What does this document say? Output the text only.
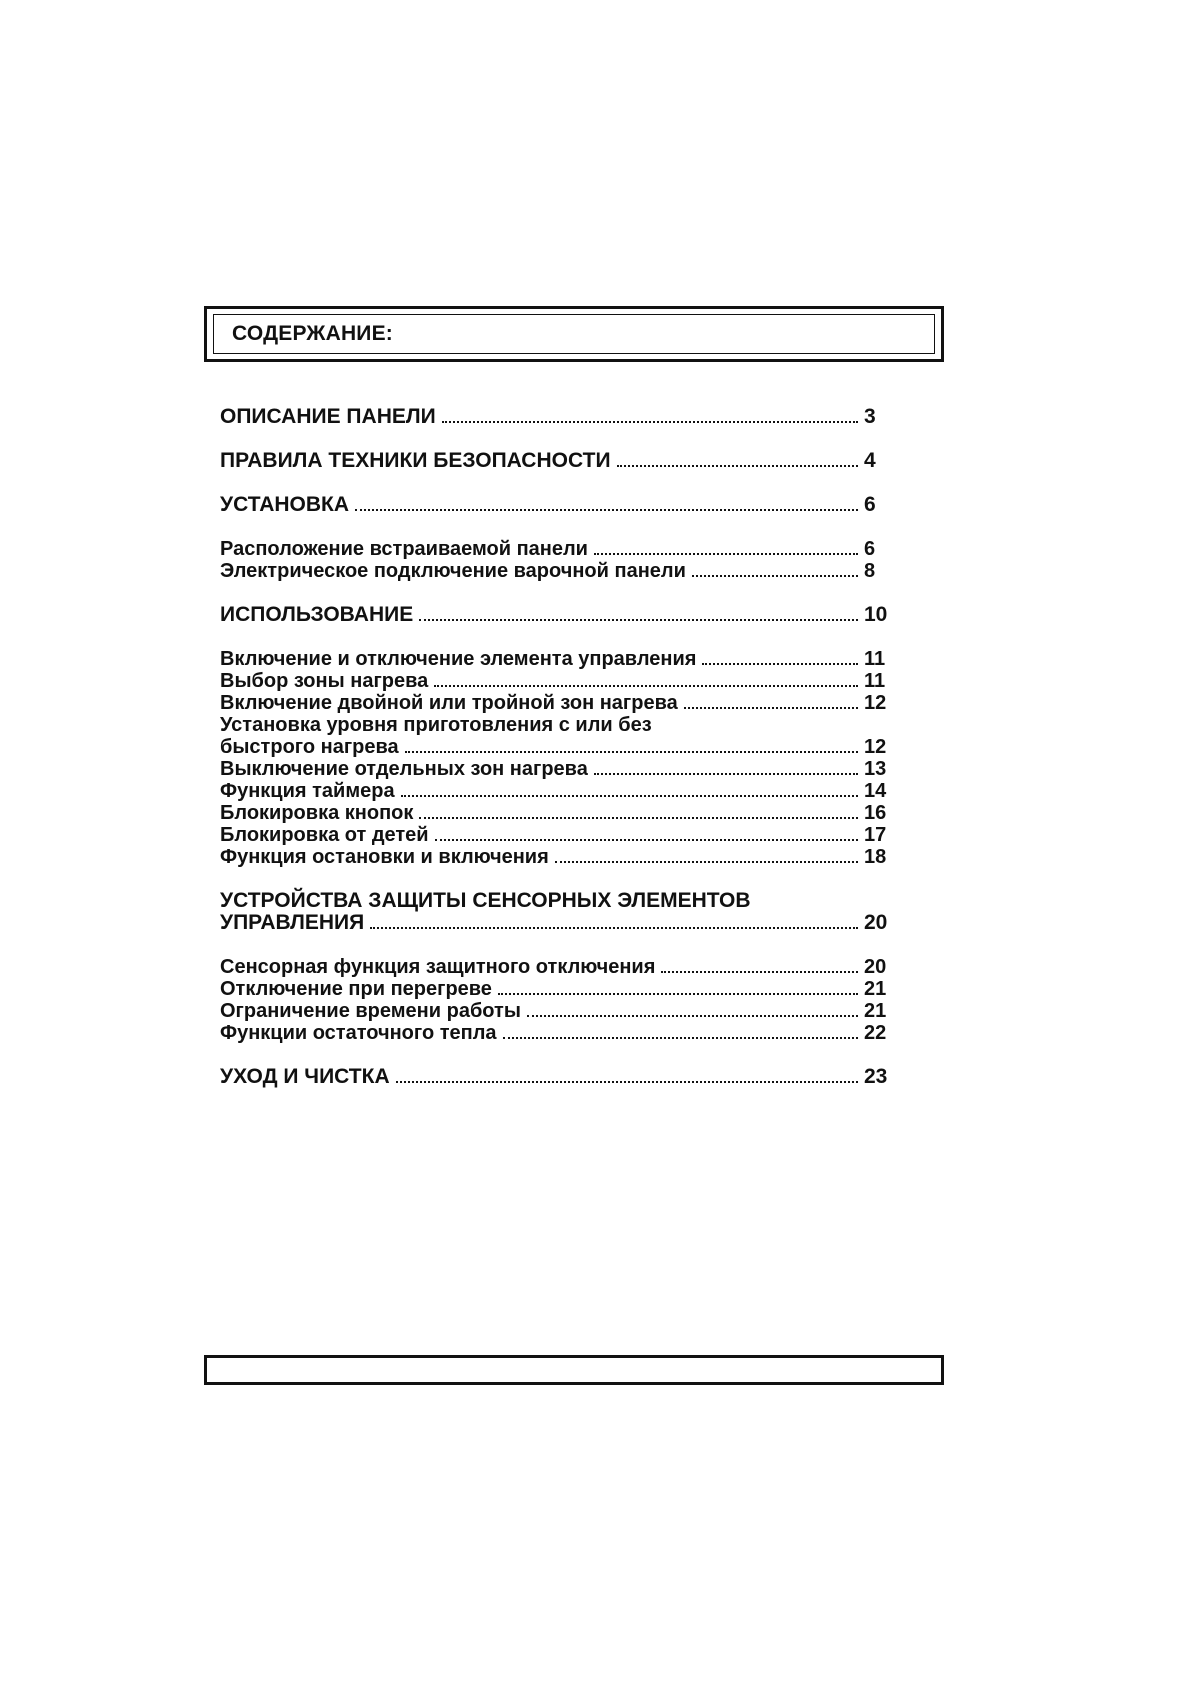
СОДЕРЖАНИЕ:
ОПИСАНИЕ ПАНЕЛИ	3
ПРАВИЛА ТЕХНИКИ БЕЗОПАСНОСТИ	4
УСТАНОВКА	6
Расположение встраиваемой панели	6
Электрическое подключение варочной панели	8
ИСПОЛЬЗОВАНИЕ	10
Включение и отключение элемента управления	11
Выбор зоны нагрева	11
Включение двойной или тройной зон нагрева	12
Установка уровня приготовления с или без
быстрого нагрева	12
Выключение отдельных зон нагрева	13
Функция таймера	14
Блокировка кнопок	16
Блокировка от детей	17
Функция остановки и включения	18
УСТРОЙСТВА ЗАЩИТЫ СЕНСОРНЫХ ЭЛЕМЕНТОВ
УПРАВЛЕНИЯ	20
Сенсорная функция защитного отключения	20
Отключение при перегреве	21
Ограничение времени работы	21
Функции остаточного тепла	22
УХОД И ЧИСТКА	23
